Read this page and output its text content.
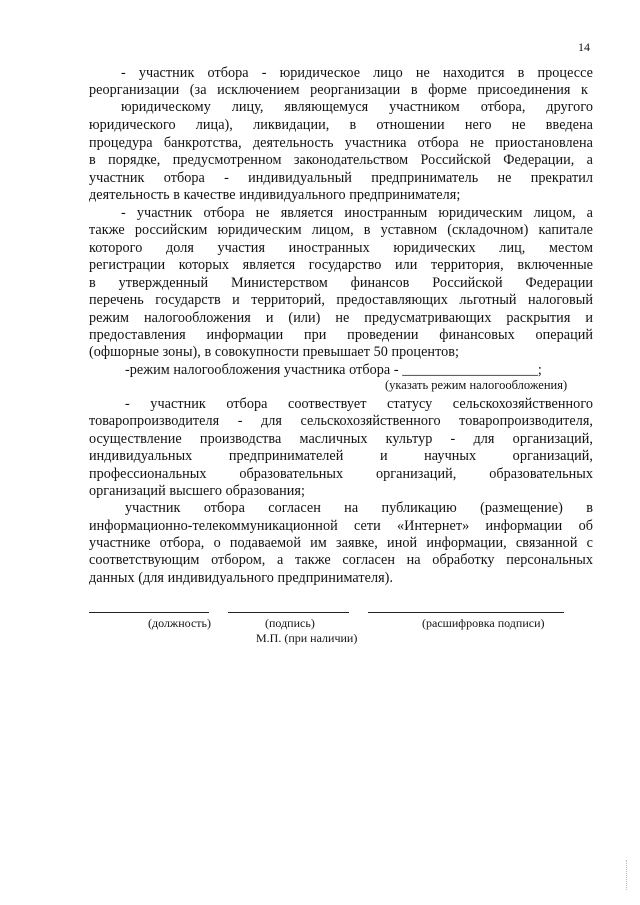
14
- участник отбора - юридическое лицо не находится в процессе
реорганизации (за исключением реорганизации в форме присоединения к
юридическому лицу, являющемуся участником отбора, другого
юридического лица), ликвидации, в отношении него не введена
процедура банкротства, деятельность участника отбора не приостановлена
в порядке, предусмотренном законодательством Российской Федерации, а
участник отбора - индивидуальный предприниматель не прекратил
деятельность в качестве индивидуального предпринимателя;
- участник отбора не является иностранным юридическим лицом, а
также российским юридическим лицом, в уставном (складочном) капитале
которого доля участия иностранных юридических лиц, местом
регистрации которых является государство или территория, включенные
в утвержденный Министерством финансов Российской Федерации
перечень государств и территорий, предоставляющих льготный налоговый
режим налогообложения и (или) не предусматривающих раскрытия и
предоставления информации при проведении финансовых операций
(офшорные зоны), в совокупности превышает 50 процентов;
-режим налогообложения участника отбора - ___________________;
(указать режим налогообложения)
- участник отбора соотвествует статусу сельскохозяйственного
товаропроизводителя - для сельскохозяйственного товаропроизводителя,
осуществление производства масличных культур - для организаций,
индивидуальных предпринимателей и научных организаций,
профессиональных образовательных организаций, образовательных
организаций высшего образования;
участник отбора согласен на публикацию (размещение) в
информационно-телекоммуникационной сети «Интернет» информации об
участнике отбора, о подаваемой им заявке, иной информации, связанной с
соответствующим отбором, а также согласен на обработку персональных
данных (для индивидуального предпринимателя).
(должность)	(подпись)	(расшифровка подписи)
М.П. (при наличии)
